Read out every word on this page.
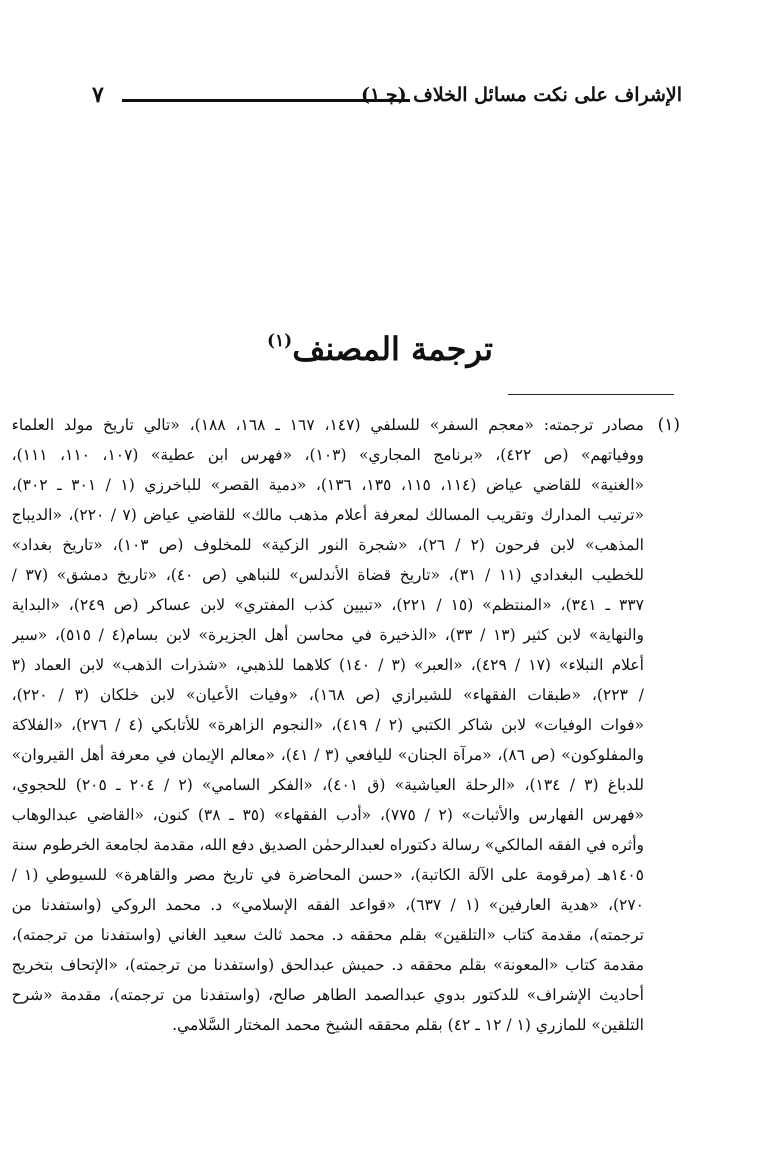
الإشراف على نكت مسائل الخلاف (جـ١)
٧
ترجمة المصنف$^{(١)}$
(١)
مصادر ترجمته: «معجم السفر» للسلفي (١٤٧، ١٦٧ ـ ١٦٨، ١٨٨)، «تالي تاريخ مولد العلماء
ووفياتهم» (ص ٤٢٢)، «برنامج المجاري» (١٠٣)، «فهرس ابن عطية» (١٠٧، ١١٠، ١١١)،
«الغنية» للقاضي عياض (١١٤، ١١٥، ١٣٥، ١٣٦)، «دمية القصر» للباخرزي (١ / ٣٠١ ـ ٣٠٢)،
«ترتيب المدارك وتقريب المسالك لمعرفة أعلام مذهب مالك» للقاضي عياض (٧ / ٢٢٠)، «الديباج
المذهب» لابن فرحون (٢ / ٢٦)، «شجرة النور الزكية» للمخلوف (ص ١٠٣)، «تاريخ بغداد»
للخطيب البغدادي (١١ / ٣١)، «تاريخ قضاة الأندلس» للنباهي (ص ٤٠)، «تاريخ دمشق» (٣٧ /
٣٣٧ ـ ٣٤١)، «المنتظم» (١٥ / ٢٢١)، «تبيين كذب المفتري» لابن عساكر (ص ٢٤٩)، «البداية
والنهاية» لابن كثير (١٣ / ٣٣)، «الذخيرة في محاسن أهل الجزيرة» لابن بسام(٤ / ٥١٥)، «سير
أعلام النبلاء» (١٧ / ٤٢٩)، «العبر» (٣ / ١٤٠) كلاهما للذهبي، «شذرات الذهب» لابن العماد (٣
/ ٢٢٣)، «طبقات الفقهاء» للشيرازي (ص ١٦٨)، «وفيات الأعيان» لابن خلكان (٣ / ٢٢٠)،
«فوات الوفيات» لابن شاكر الكتبي (٢ / ٤١٩)، «النجوم الزاهرة» للأتابكي (٤ / ٢٧٦)، «الفلاكة
والمفلوكون» (ص ٨٦)، «مرآة الجنان» لليافعي (٣ / ٤١)، «معالم الإيمان في معرفة أهل القيروان»
للدباغ (٣ / ١٣٤)، «الرحلة العياشية» (ق ٤٠١)، «الفكر السامي» (٢ / ٢٠٤ ـ ٢٠٥) للحجوي،
«فهرس الفهارس والأثبات» (٢ / ٧٧٥)، «أدب الفقهاء» (٣٥ ـ ٣٨) كنون، «القاضي عبدالوهاب
وأثره في الفقه المالكي» رسالة دكتوراه لعبدالرحمٰن الصديق دفع الله، مقدمة لجامعة الخرطوم سنة
١٤٠٥هـ (مرقومة على الآلة الكاتبة)، «حسن المحاضرة في تاريخ مصر والقاهرة» للسيوطي (١ /
٢٧٠)، «هدية العارفين» (١ / ٦٣٧)، «قواعد الفقه الإسلامي» د. محمد الروكي (واستفدنا من
ترجمته)، مقدمة كتاب «التلقين» بقلم محققه د. محمد ثالث سعيد الغاني (واستفدنا من ترجمته)،
مقدمة كتاب «المعونة» بقلم محققه د. حميش عبدالحق (واستفدنا من ترجمته)، «الإتحاف بتخريج
أحاديث الإشراف» للدكتور بدوي عبدالصمد الطاهر صالح، (واستفدنا من ترجمته)، مقدمة «شرح
التلقين» للمازري (١ / ١٢ ـ ٤٢) بقلم محققه الشيخ محمد المختار السَّلامي.
